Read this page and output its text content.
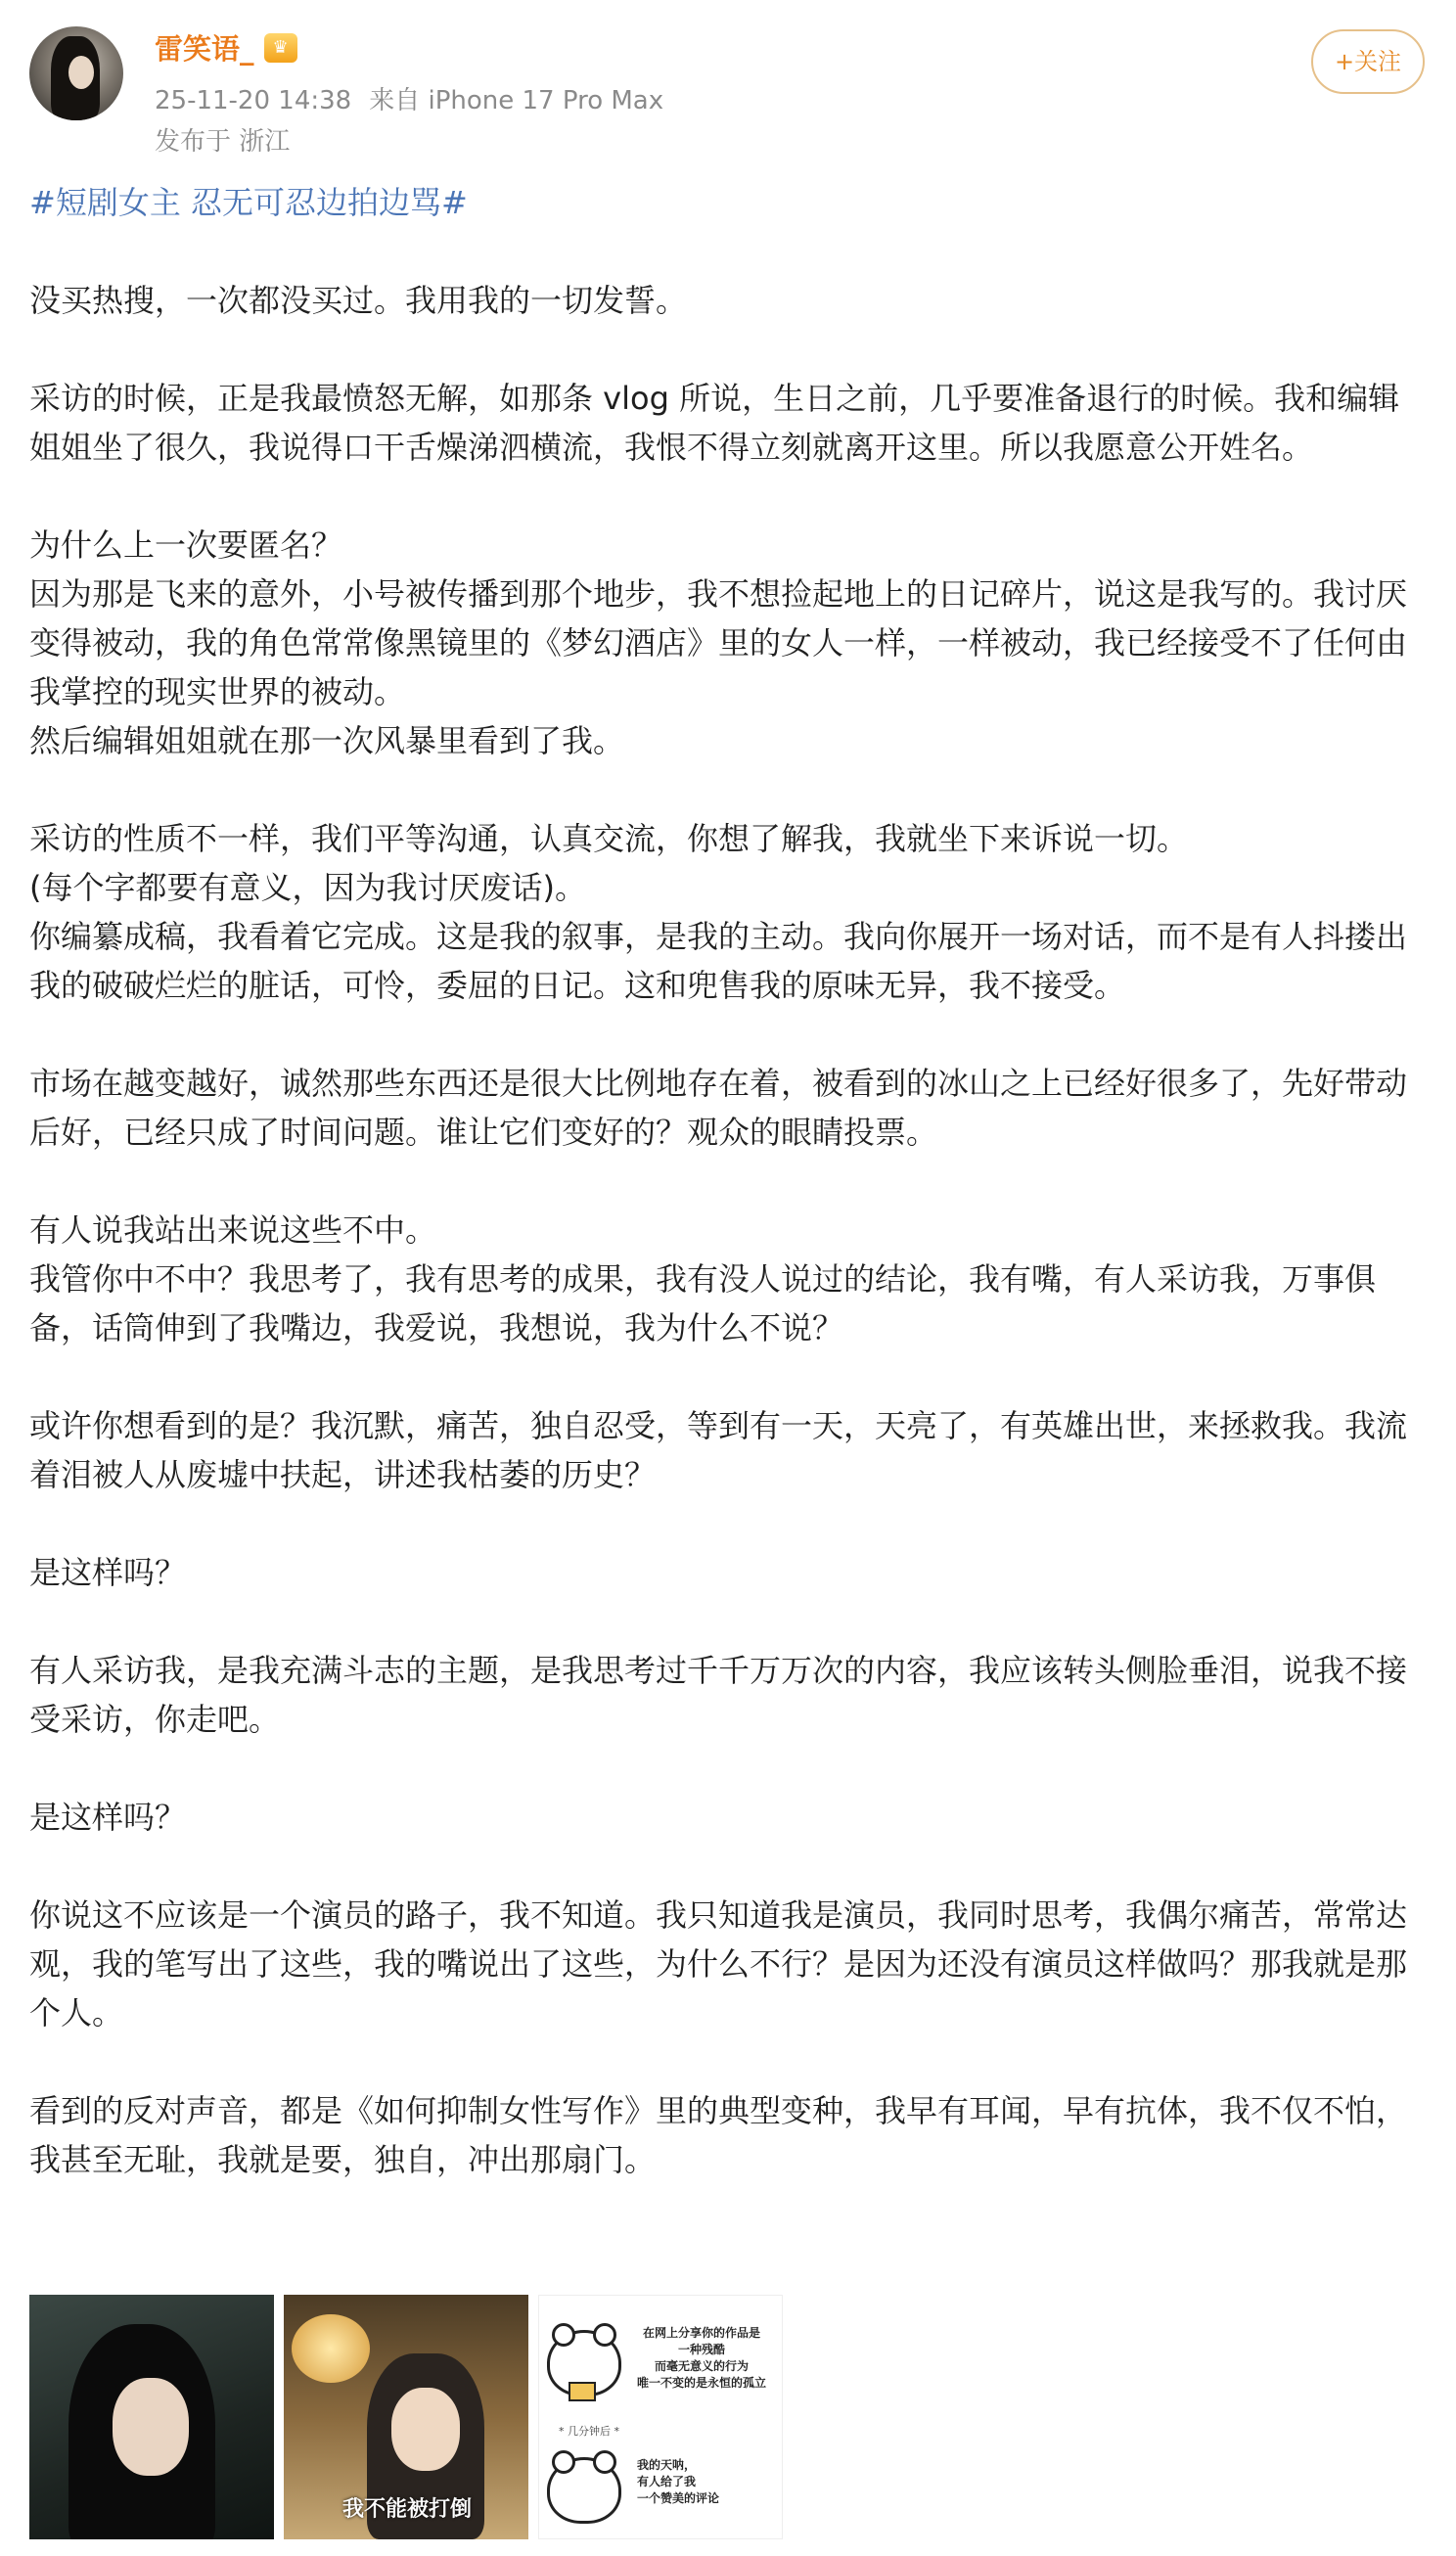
雷笑语_	♛
25-11-20 14:38 来自 iPhone 17 Pro Max
发布于 浙江
+关注

#短剧女主 忍无可忍边拍边骂#

没买热搜，一次都没买过。我用我的一切发誓。

采访的时候，正是我最愤怒无解，如那条 vlog 所说，生日之前，几乎要准备退行的时候。我和编辑姐姐坐了很久，我说得口干舌燥涕泗横流，我恨不得立刻就离开这里。所以我愿意公开姓名。

为什么上一次要匿名？
因为那是飞来的意外，小号被传播到那个地步，我不想捡起地上的日记碎片，说这是我写的。我讨厌变得被动，我的角色常常像黑镜里的《梦幻酒店》里的女人一样，一样被动，我已经接受不了任何由我掌控的现实世界的被动。
然后编辑姐姐就在那一次风暴里看到了我。

采访的性质不一样，我们平等沟通，认真交流，你想了解我，我就坐下来诉说一切。
(每个字都要有意义，因为我讨厌废话)。
你编纂成稿，我看着它完成。这是我的叙事，是我的主动。我向你展开一场对话，而不是有人抖搂出我的破破烂烂的脏话，可怜，委屈的日记。这和兜售我的原味无异，我不接受。

市场在越变越好，诚然那些东西还是很大比例地存在着，被看到的冰山之上已经好很多了，先好带动后好，已经只成了时间问题。谁让它们变好的？观众的眼睛投票。

有人说我站出来说这些不中。
我管你中不中？我思考了，我有思考的成果，我有没人说过的结论，我有嘴，有人采访我，万事俱备，话筒伸到了我嘴边，我爱说，我想说，我为什么不说？

或许你想看到的是？我沉默，痛苦，独自忍受，等到有一天，天亮了，有英雄出世，来拯救我。我流着泪被人从废墟中扶起，讲述我枯萎的历史？

是这样吗？

有人采访我，是我充满斗志的主题，是我思考过千千万万次的内容，我应该转头侧脸垂泪，说我不接受采访，你走吧。

是这样吗？

你说这不应该是一个演员的路子，我不知道。我只知道我是演员，我同时思考，我偶尔痛苦，常常达观，我的笔写出了这些，我的嘴说出了这些，为什么不行？是因为还没有演员这样做吗？那我就是那个人。

看到的反对声音，都是《如何抑制女性写作》里的典型变种，我早有耳闻，早有抗体，我不仅不怕，我甚至无耻，我就是要，独自，冲出那扇门。

我不能被打倒
在网上分享你的作品是
一种残酷
而毫无意义的行为
唯一不变的是永恒的孤立
* 几分钟后 *
我的天呐，
有人给了我
一个赞美的评论
